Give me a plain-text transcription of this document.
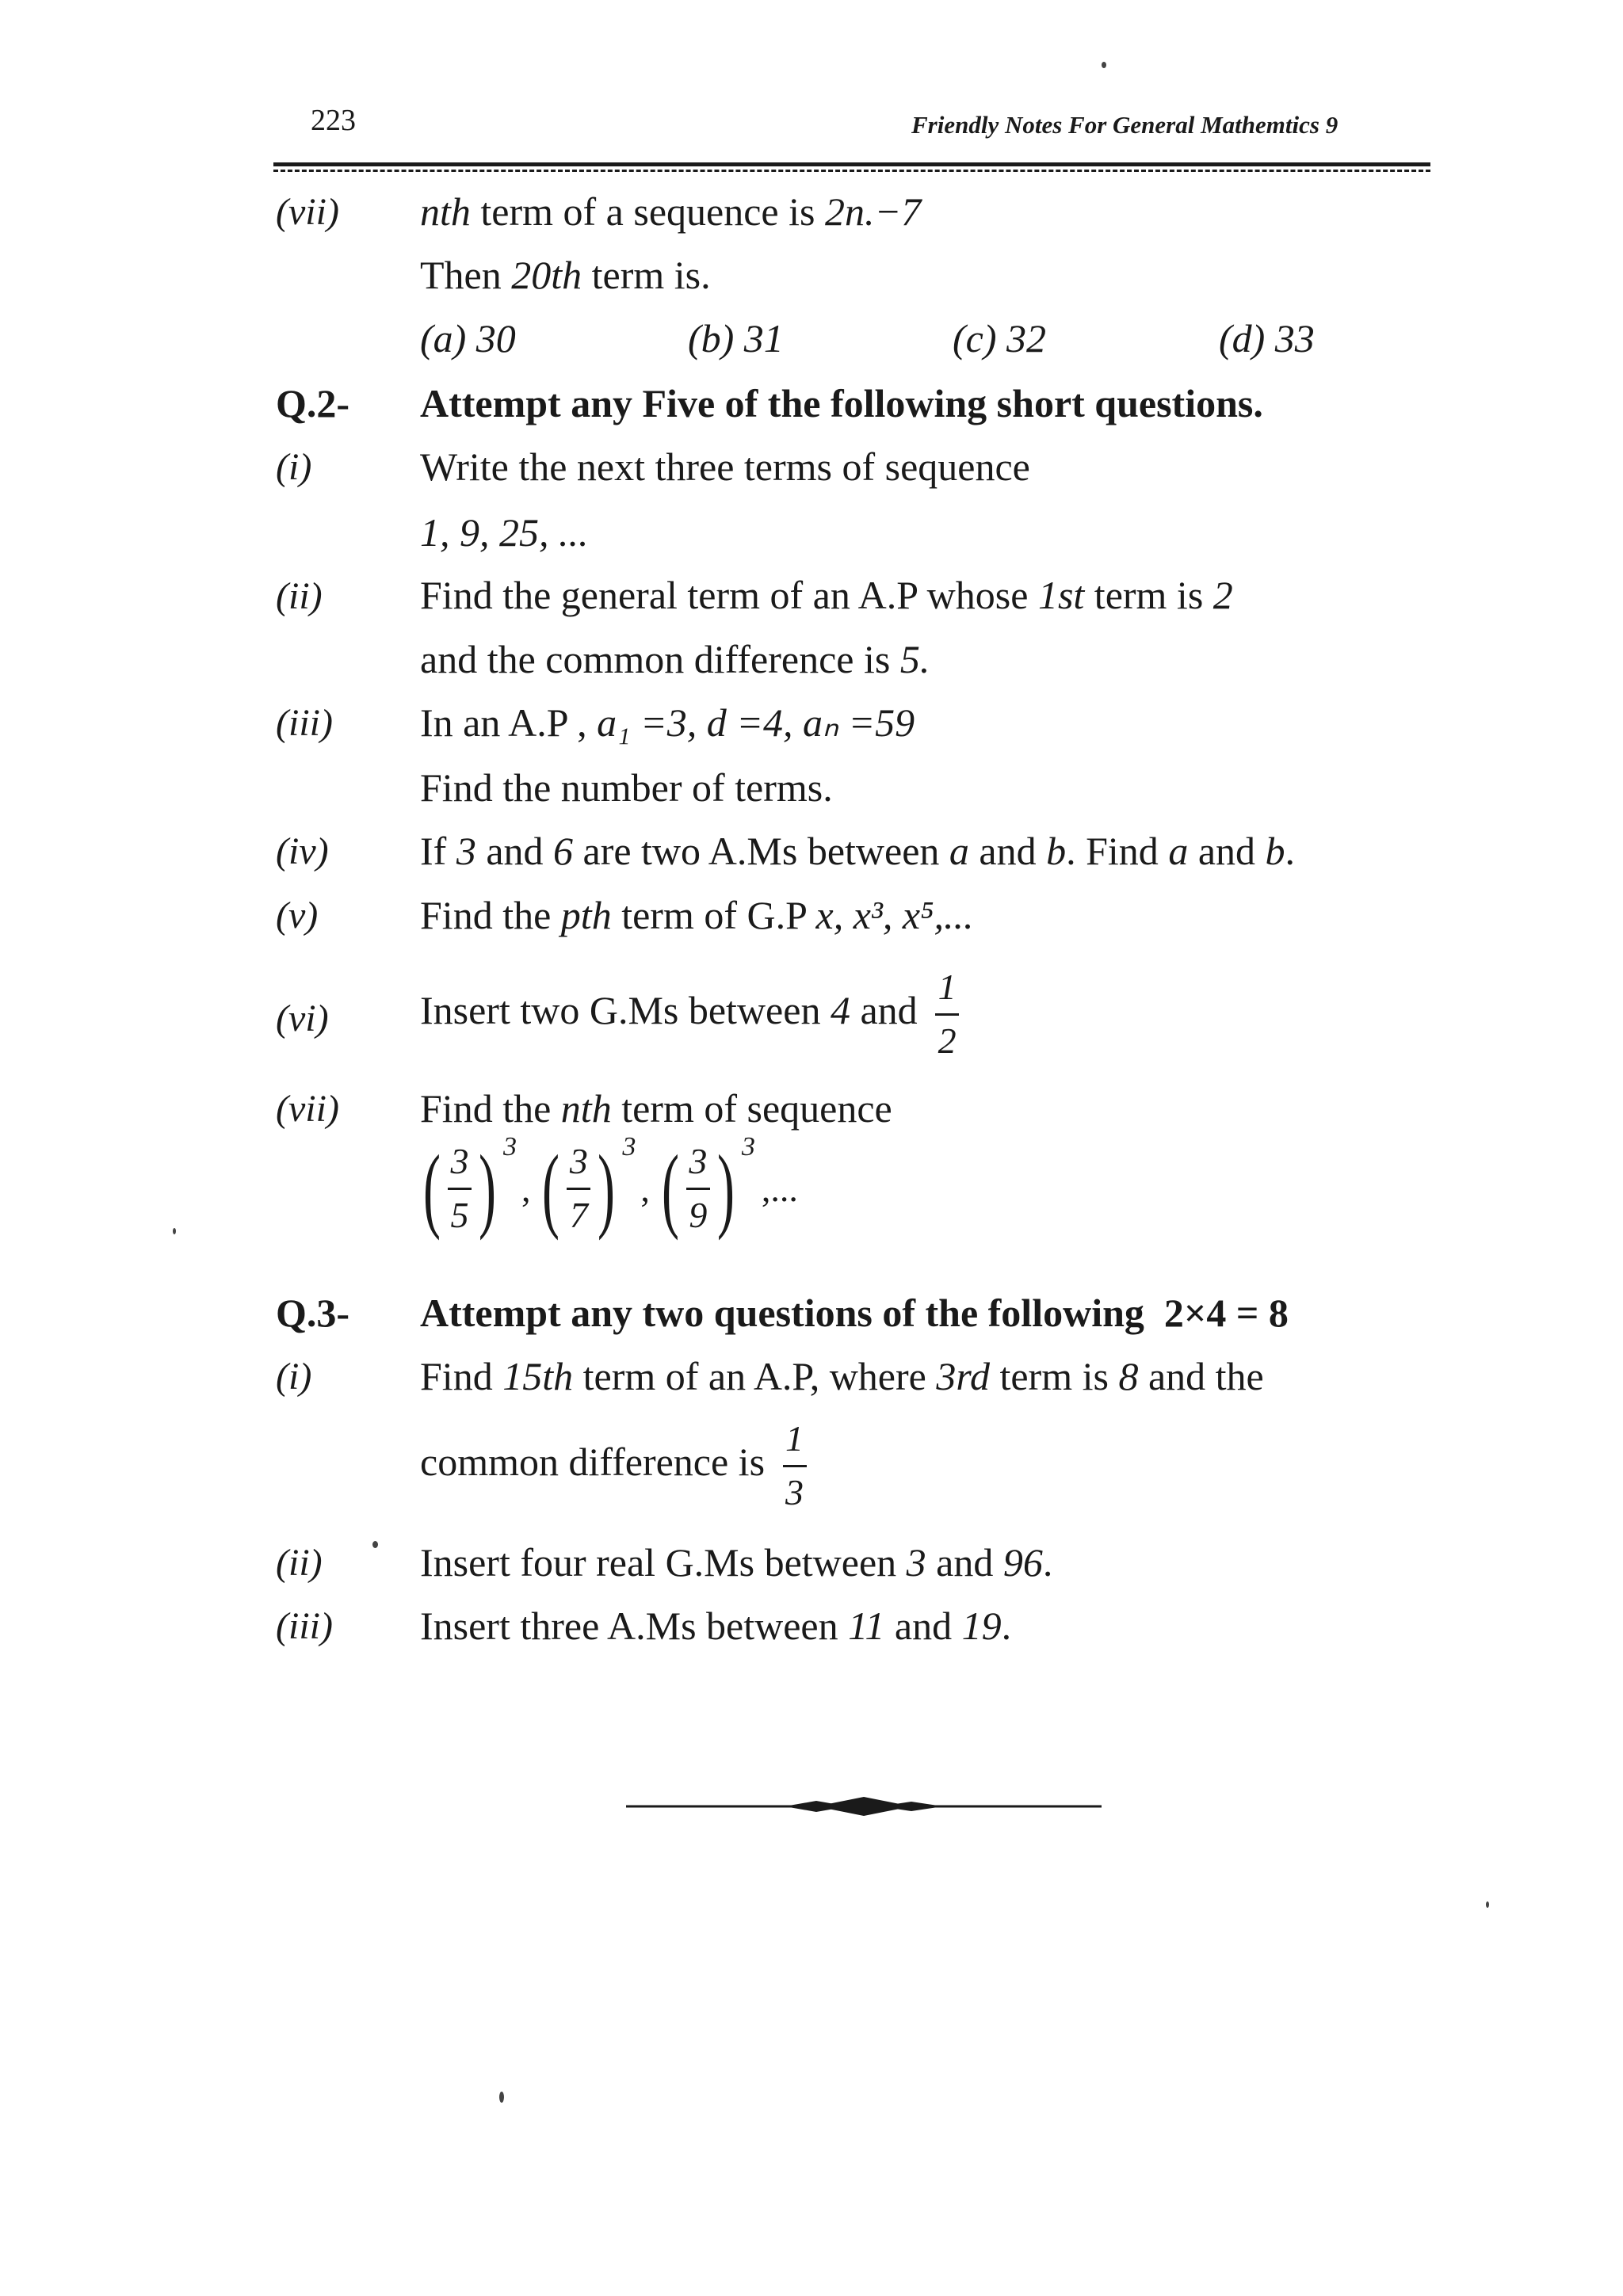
223	Friendly Notes For General Mathemtics 9
(vii) nth term of a sequence is 2n.−7
Then 20th term is.
(a) 30	(b) 31	(c) 32	(d) 33
Q.2- Attempt any Five of the following short questions.
(i)	Write the next three terms of sequence
1, 9, 25, ...
(ii) Find the general term of an A.P whose 1st term is 2
and the common difference is 5.
(iii) In an A.P , a₁ =3, d =4, aₙ =59
Find the number of terms.
(iv) If 3 and 6 are two A.Ms between a and b. Find a and b.
(v)	Find the pth term of G.P x, x³, x⁵,...
(vi) Insert two G.Ms between 4 and $\frac{1}{2}$
(vii) Find the nth term of sequence
( $\frac{3}{5}$ ) 3
, ( $\frac{3}{7}$ ) 3
, ( $\frac{3}{9}$ ) 3
,...
Q.3- Attempt any two questions of the following 2×4 = 8
(i)	Find 15th term of an A.P, where 3rd term is 8 and the
common difference is $\frac{1}{3}$
(ii) Insert four real G.Ms between 3 and 96.
(iii) Insert three A.Ms between 11 and 19.
